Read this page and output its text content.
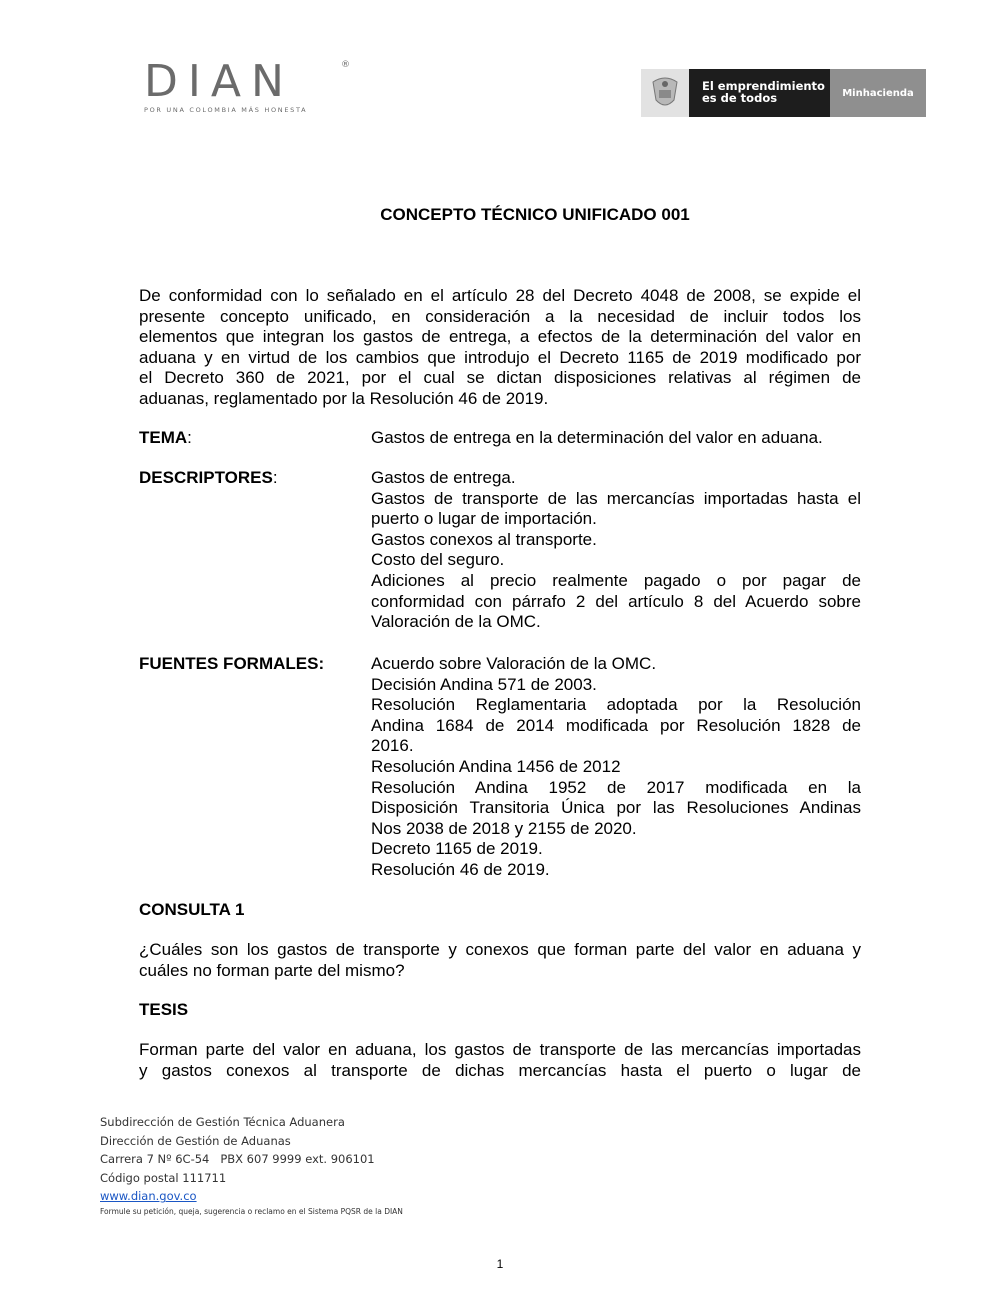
DIAN	®
POR UNA COLOMBIA MÁS HONESTA
El emprendimiento
es de todos	Minhacienda
CONCEPTO TÉCNICO UNIFICADO 001
De conformidad con lo señalado en el artículo 28 del Decreto 4048 de 2008, se expide el
presente concepto unificado, en consideración a la necesidad de incluir todos los
elementos que integran los gastos de entrega, a efectos de la determinación del valor en
aduana y en virtud de los cambios que introdujo el Decreto 1165 de 2019 modificado por
el Decreto 360 de 2021, por el cual se dictan disposiciones relativas al régimen de
aduanas, reglamentado por la Resolución 46 de 2019.
TEMA:	Gastos de entrega en la determinación del valor en aduana.
DESCRIPTORES:	Gastos de entrega.
Gastos de transporte de las mercancías importadas hasta el
puerto o lugar de importación.
Gastos conexos al transporte.
Costo del seguro.
Adiciones al precio realmente pagado o por pagar de
conformidad con párrafo 2 del artículo 8 del Acuerdo sobre
Valoración de la OMC.
FUENTES FORMALES:	Acuerdo sobre Valoración de la OMC.
Decisión Andina 571 de 2003.
Resolución Reglamentaria adoptada por la Resolución
Andina 1684 de 2014 modificada por Resolución 1828 de
2016.
Resolución Andina 1456 de 2012
Resolución Andina 1952 de 2017 modificada en la
Disposición Transitoria Única por las Resoluciones Andinas
Nos 2038 de 2018 y 2155 de 2020.
Decreto 1165 de 2019.
Resolución 46 de 2019.
CONSULTA 1
¿Cuáles son los gastos de transporte y conexos que forman parte del valor en aduana y
cuáles no forman parte del mismo?
TESIS
Forman parte del valor en aduana, los gastos de transporte de las mercancías importadas
y gastos conexos al transporte de dichas mercancías hasta el puerto o lugar de
Subdirección de Gestión Técnica Aduanera
Dirección de Gestión de Aduanas
Carrera 7 Nº 6C-54   PBX 607 9999 ext. 906101
Código postal 111711
www.dian.gov.co
Formule su petición, queja, sugerencia o reclamo en el Sistema PQSR de la DIAN
1
